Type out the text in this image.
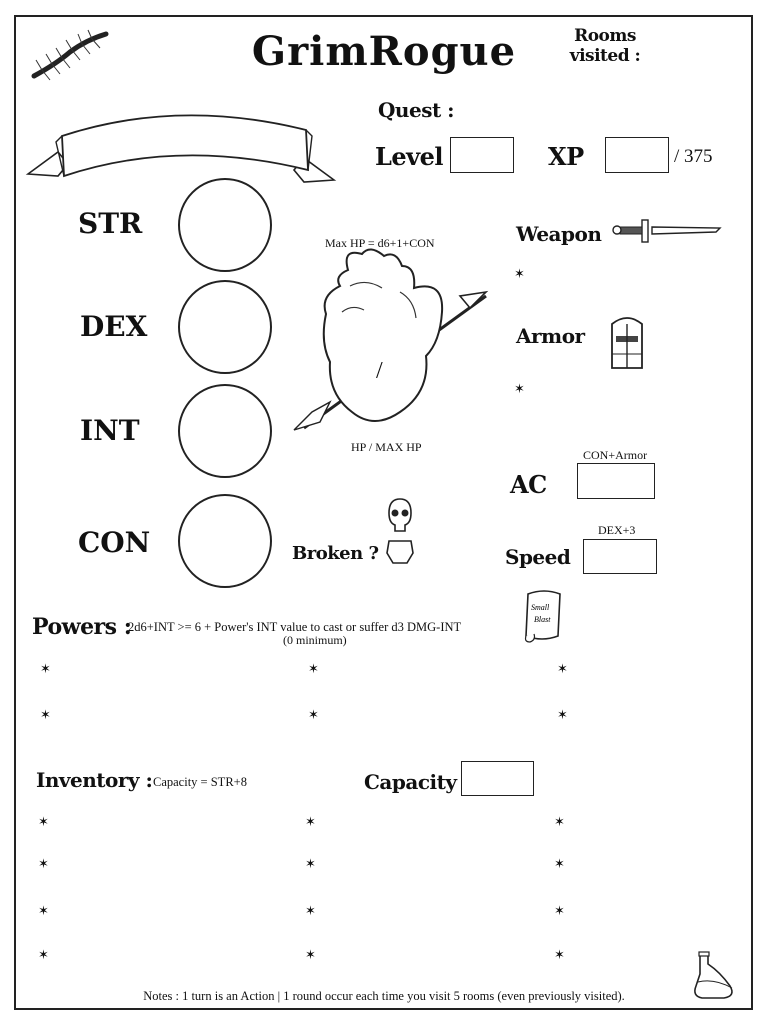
GrimRogue	Rooms visited :
Quest :
Level	XP	/ 375
STR
DEX
INT
CON
Max HP = d6+1+CON
/
HP / MAX HP
Weapon
✶
Armor
✶
CON+Armor
AC
DEX+3
Speed
Broken ?
Powers :
2d6+INT >= 6 + Power's INT value to cast or suffer d3 DMG-INT
(0 minimum)
Small
Blast
✶	✶	✶
✶	✶	✶
Inventory : Capacity = STR+8	Capacity
✶	✶	✶
✶	✶	✶
✶	✶	✶
✶	✶	✶
Notes : 1 turn is an Action | 1 round occur each time you visit 5 rooms (even previously visited).
